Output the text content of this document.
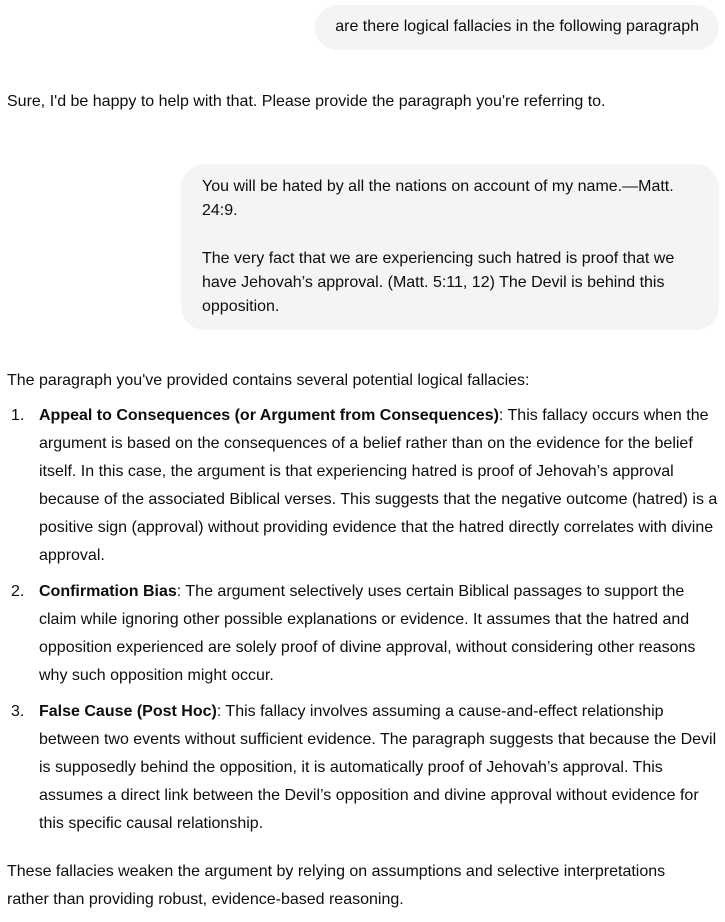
are there logical fallacies in the following paragraph

Sure, I'd be happy to help with that. Please provide the paragraph you're referring to.

You will be hated by all the nations on account of my name.—Matt. 24:9.

The very fact that we are experiencing such hatred is proof that we have Jehovah’s approval. (Matt. 5:11, 12) The Devil is behind this opposition.

The paragraph you've provided contains several potential logical fallacies:

1. Appeal to Consequences (or Argument from Consequences): This fallacy occurs when the argument is based on the consequences of a belief rather than on the evidence for the belief itself. In this case, the argument is that experiencing hatred is proof of Jehovah’s approval because of the associated Biblical verses. This suggests that the negative outcome (hatred) is a positive sign (approval) without providing evidence that the hatred directly correlates with divine approval.
2. Confirmation Bias: The argument selectively uses certain Biblical passages to support the claim while ignoring other possible explanations or evidence. It assumes that the hatred and opposition experienced are solely proof of divine approval, without considering other reasons why such opposition might occur.
3. False Cause (Post Hoc): This fallacy involves assuming a cause-and-effect relationship between two events without sufficient evidence. The paragraph suggests that because the Devil is supposedly behind the opposition, it is automatically proof of Jehovah’s approval. This assumes a direct link between the Devil’s opposition and divine approval without evidence for this specific causal relationship.

These fallacies weaken the argument by relying on assumptions and selective interpretations rather than providing robust, evidence-based reasoning.
